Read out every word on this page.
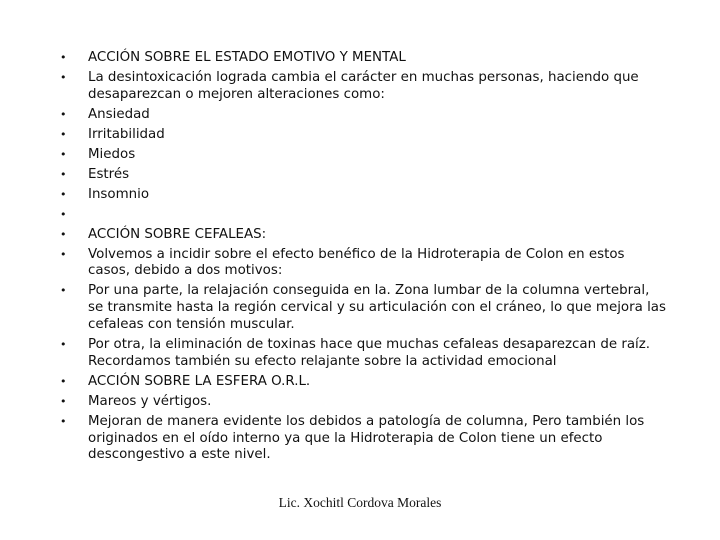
• ACCIÓN SOBRE EL ESTADO EMOTIVO Y MENTAL
• La desintoxicación lograda cambia el carácter en muchas personas, haciendo que desaparezcan o mejoren alteraciones como:
• Ansiedad
• Irritabilidad
• Miedos
• Estrés
• Insomnio
•
• ACCIÓN SOBRE CEFALEAS:
• Volvemos a incidir sobre el efecto benéfico de la Hidroterapia de Colon en estos casos, debido a dos motivos:
• Por una parte, la relajación conseguida en la. Zona lumbar de la columna vertebral, se transmite hasta la región cervical y su articulación con el cráneo, lo que mejora las cefaleas con tensión muscular.
• Por otra, la eliminación de toxinas hace que muchas cefaleas desaparezcan de raíz.
Recordamos también su efecto relajante sobre la actividad emocional
• ACCIÓN SOBRE LA ESFERA O.R.L.
• Mareos y vértigos.
• Mejoran de manera evidente los debidos a patología de columna, Pero también los originados en el oído interno ya que la Hidroterapia de Colon tiene un efecto descongestivo a este nivel.
Lic. Xochitl Cordova Morales
